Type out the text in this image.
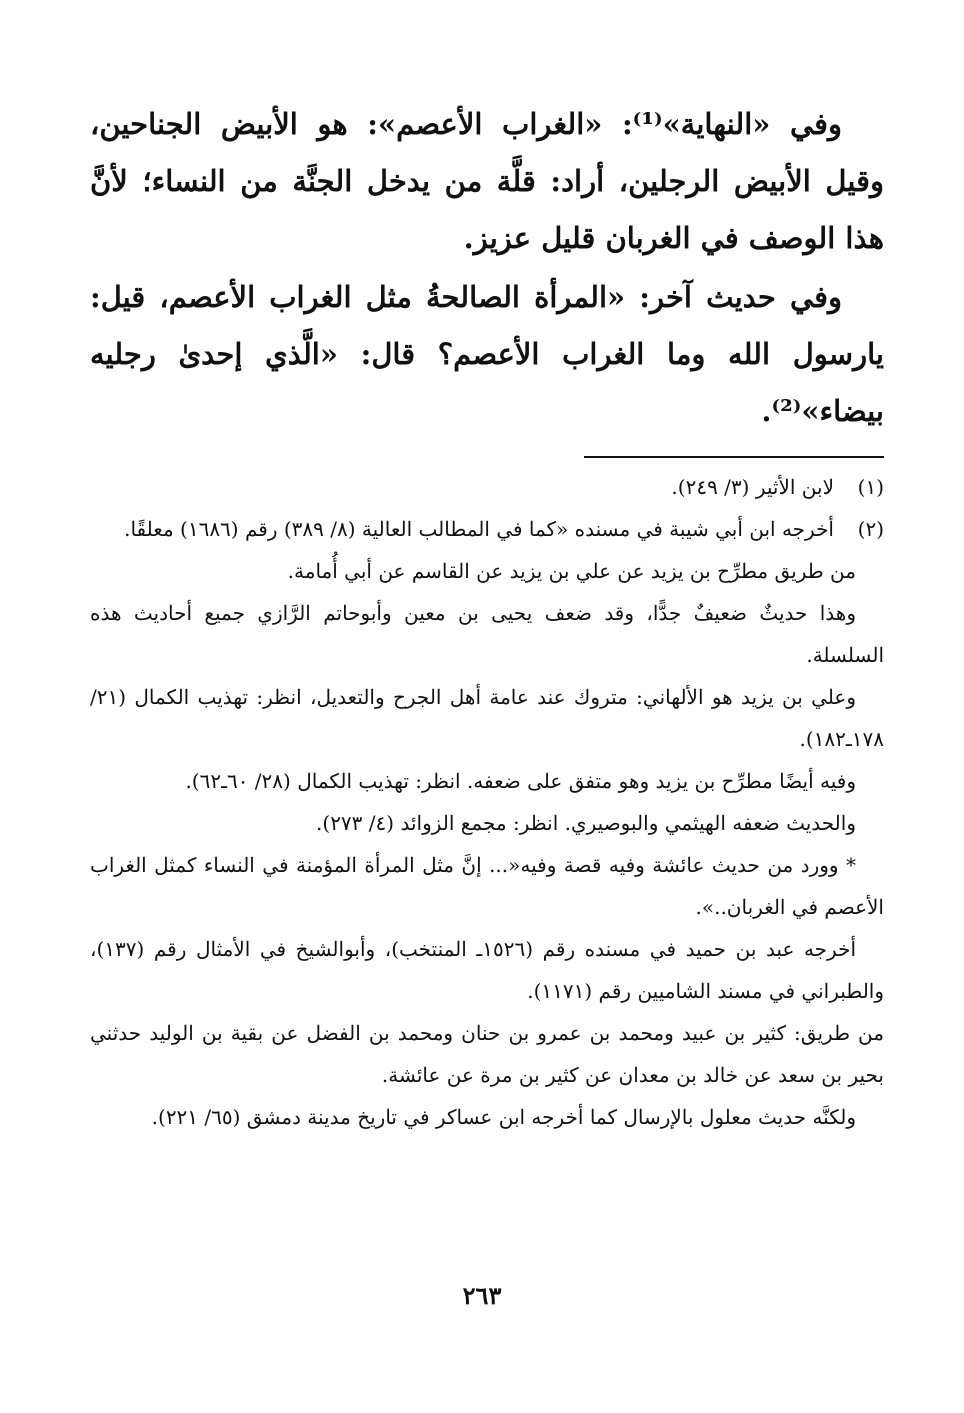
وفي «النهاية»⁽¹⁾: «الغراب الأعصم»: هو الأبيض الجناحين، وقيل الأبيض الرجلين، أراد: قلَّة من يدخل الجنَّة من النساء؛ لأنَّ هذا الوصف في الغربان قليل عزيز.

وفي حديث آخر: «المرأة الصالحةُ مثل الغراب الأعصم، قيل: يارسول الله وما الغراب الأعصم؟ قال: «الَّذي إحدىٰ رجليه بيضاء»⁽²⁾.

(١)
لابن الأثير (٣/ ٢٤٩).
(٢)
أخرجه ابن أبي شيبة في مسنده «كما في المطالب العالية (٨/ ٣٨٩) رقم (١٦٨٦) معلقًا.

من طريق مطرِّح بن يزيد عن علي بن يزيد عن القاسم عن أبي أُمامة.

وهذا حديثٌ ضعيفٌ جدًّا، وقد ضعف يحيى بن معين وأبوحاتم الرَّازي جميع أحاديث هذه السلسلة.

وعلي بن يزيد هو الألهاني: متروك عند عامة أهل الجرح والتعديل، انظر: تهذيب الكمال (٢١/ ١٧٨ـ١٨٢).

وفيه أيضًا مطرِّح بن يزيد وهو متفق على ضعفه. انظر: تهذيب الكمال (٢٨/ ٦٠ـ٦٢).

والحديث ضعفه الهيثمي والبوصيري. انظر: مجمع الزوائد (٤/ ٢٧٣).

* وورد من حديث عائشة وفيه قصة وفيه«... إنَّ مثل المرأة المؤمنة في النساء كمثل الغراب الأعصم في الغربان..».

أخرجه عبد بن حميد في مسنده رقم (١٥٢٦ـ المنتخب)، وأبوالشيخ في الأمثال رقم (١٣٧)، والطبراني في مسند الشاميين رقم (١١٧١).

من طريق: كثير بن عبيد ومحمد بن عمرو بن حنان ومحمد بن الفضل عن بقية بن الوليد حدثني بحير بن سعد عن خالد بن معدان عن كثير بن مرة عن عائشة.

ولكنَّه حديث معلول بالإرسال كما أخرجه ابن عساكر في تاريخ مدينة دمشق (٦٥/ ٢٢١).

٢٦٣
